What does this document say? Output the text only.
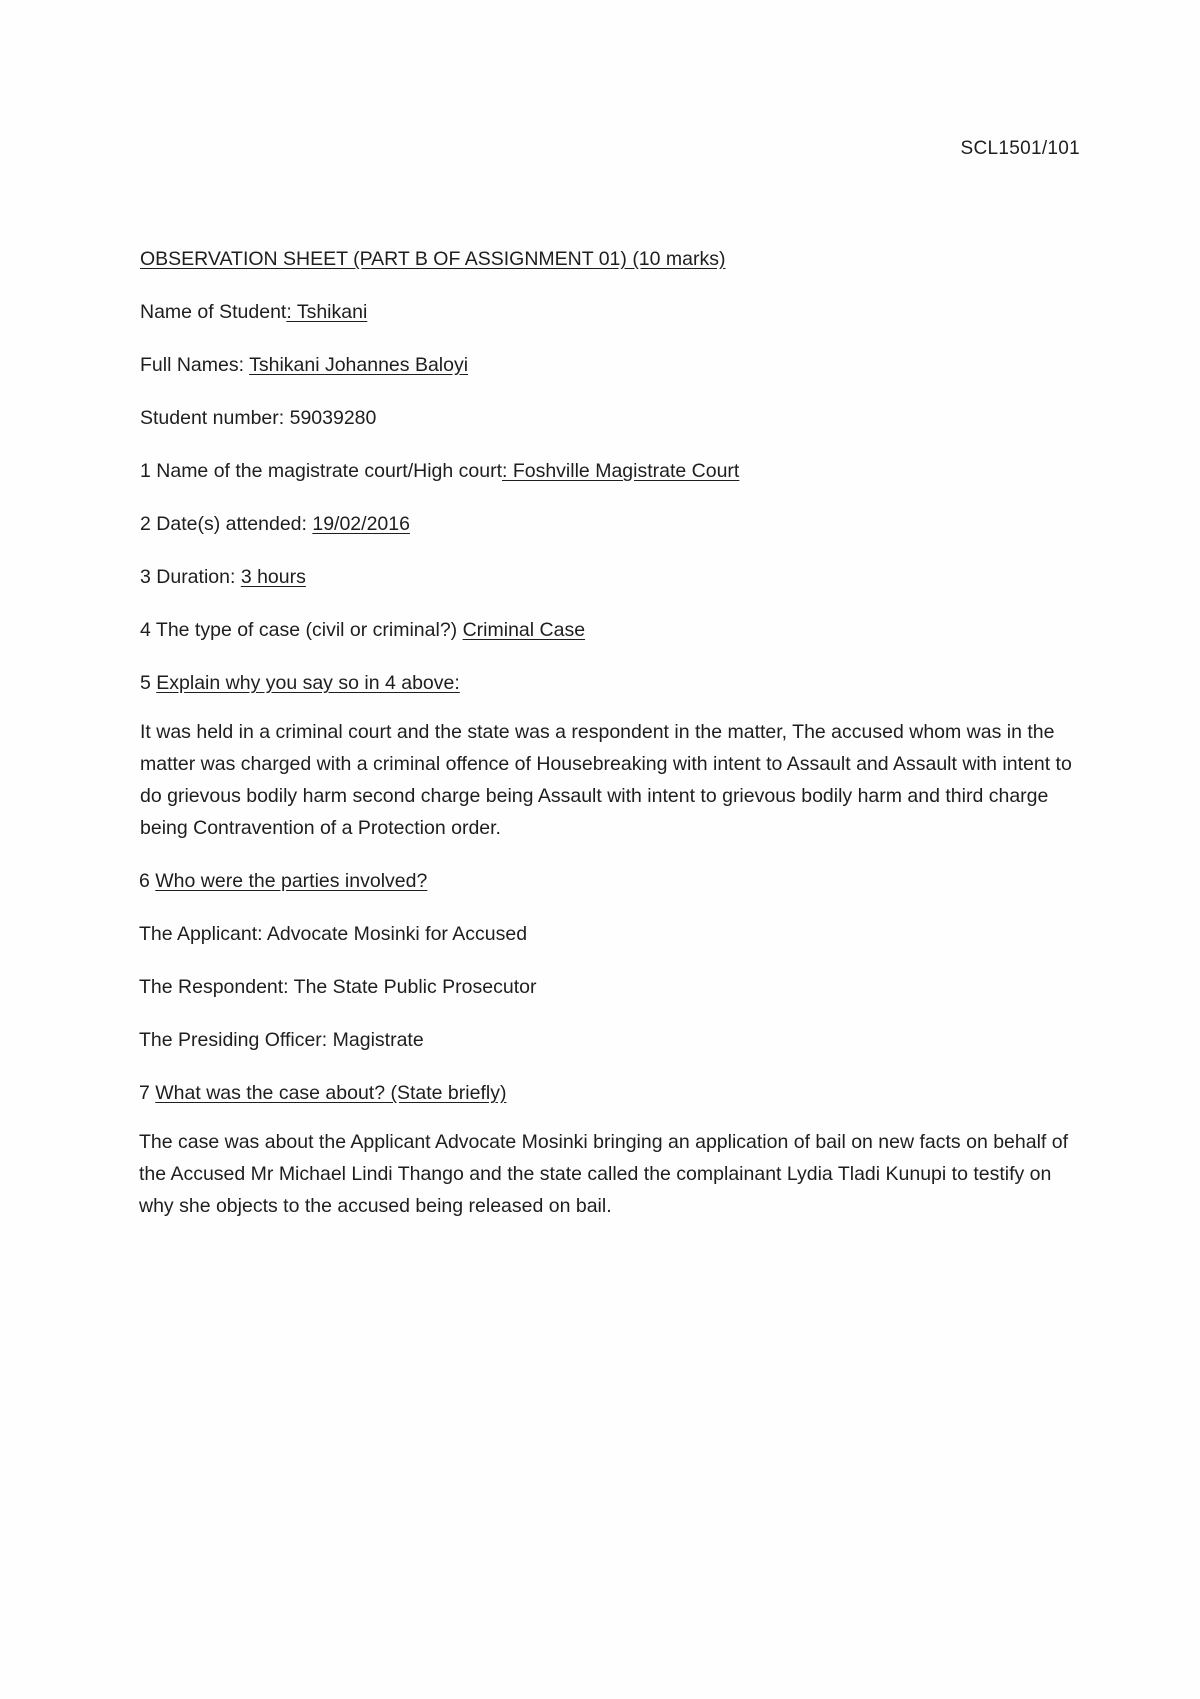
SCL1501/101
OBSERVATION SHEET (PART B OF ASSIGNMENT 01) (10 marks)
Name of Student: Tshikani
Full Names: Tshikani Johannes Baloyi
Student number: 59039280
1 Name of the magistrate court/High court: Foshville Magistrate Court
2 Date(s) attended: 19/02/2016
3 Duration: 3 hours
4 The type of case (civil or criminal?) Criminal Case
5 Explain why you say so in 4 above:
It was held in a criminal court and the state was a respondent in the matter, The accused whom was in the matter was charged with a criminal offence of Housebreaking with intent to Assault and Assault with intent to do grievous bodily harm second charge being Assault with intent to grievous bodily harm and third charge being Contravention of a Protection order.
6 Who were the parties involved?
The Applicant: Advocate Mosinki for Accused
The Respondent: The State Public Prosecutor
The Presiding Officer: Magistrate
7 What was the case about? (State briefly)
The case was about the Applicant Advocate Mosinki bringing an application of bail on new facts on behalf of the Accused Mr Michael Lindi Thango and the state called the complainant Lydia Tladi Kunupi to testify on why she objects to the accused being released on bail.
